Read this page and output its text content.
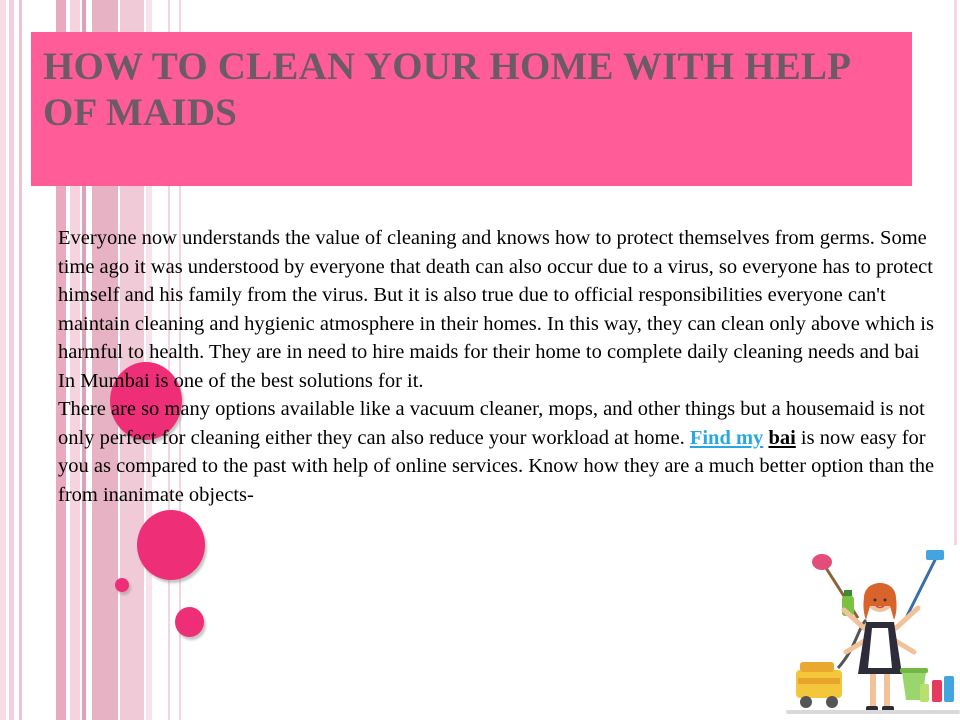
HOW TO CLEAN YOUR HOME WITH HELP OF MAIDS

Everyone now understands the value of cleaning and knows how to protect themselves from germs. Some time ago it was understood by everyone that death can also occur due to a virus, so everyone has to protect himself and his family from the virus. But it is also true due to official responsibilities everyone can't maintain cleaning and hygienic atmosphere in their homes. In this way, they can clean only above which is harmful to health. They are in need to hire maids for their home to complete daily cleaning needs and bai In Mumbai is one of the best solutions for it.

There are so many options available like a vacuum cleaner, mops, and other things but a housemaid is not only perfect for cleaning either they can also reduce your workload at home. Find my bai is now easy for you as compared to the past with help of online services. Know how they are a much better option than the from inanimate objects-
